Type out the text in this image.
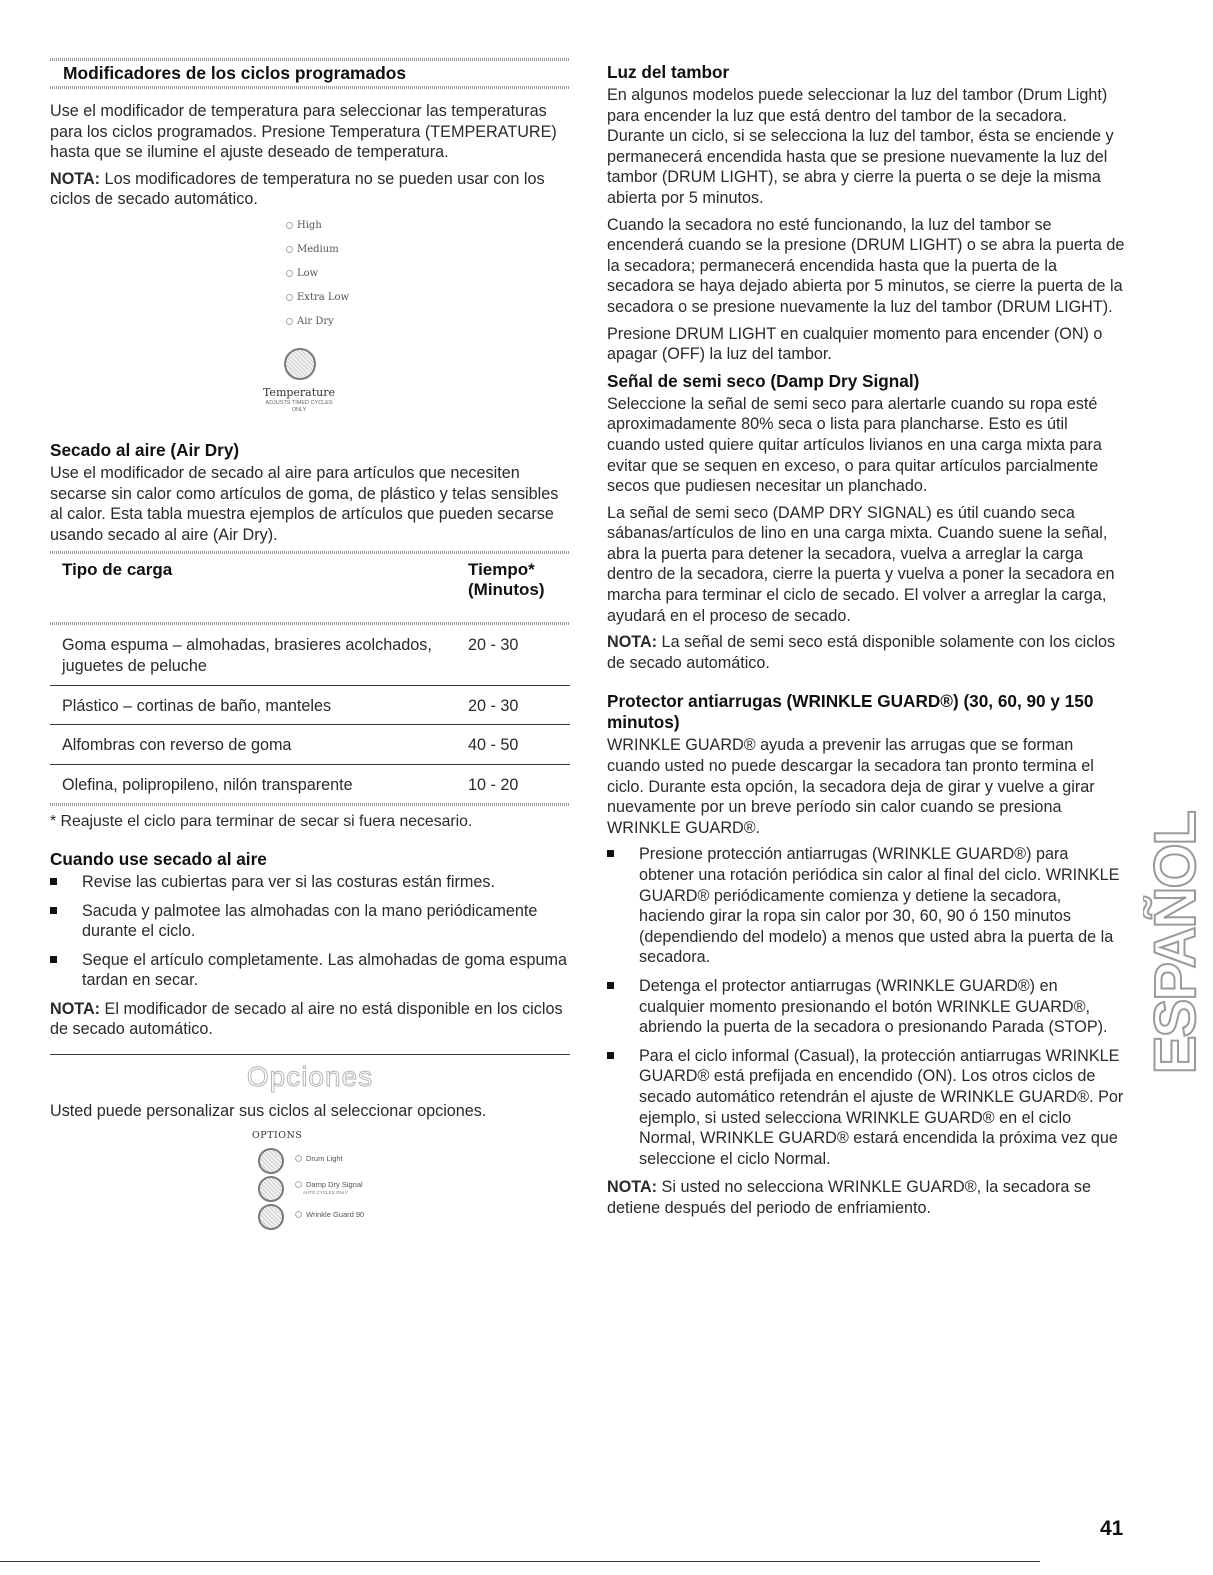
Modificadores de los ciclos programados

Use el modificador de temperatura para seleccionar las temperaturas para los ciclos programados. Presione Temperatura (TEMPERATURE) hasta que se ilumine el ajuste deseado de temperatura.

NOTA: Los modificadores de temperatura no se pueden usar con los ciclos de secado automático.

High
Medium
Low
Extra Low
Air Dry
Temperature
ADJUSTS TIMED CYCLES ONLY
Secado al aire (Air Dry)

Use el modificador de secado al aire para artículos que necesiten secarse sin calor como artículos de goma, de plástico y telas sensibles al calor. Esta tabla muestra ejemplos de artículos que pueden secarse usando secado al aire (Air Dry).

Tipo de carga	Tiempo* (Minutos)

Goma espuma – almohadas, brasieres acolchados, juguetes de peluche	20 - 30
Plástico – cortinas de baño, manteles	20 - 30
Alfombras con reverso de goma	40 - 50
Olefina, polipropileno, nilón transparente	10 - 20

* Reajuste el ciclo para terminar de secar si fuera necesario.

Cuando use secado al aire
Revise las cubiertas para ver si las costuras están firmes.
Sacuda y palmotee las almohadas con la mano periódicamente durante el ciclo.
Seque el artículo completamente. Las almohadas de goma espuma tardan en secar.

NOTA: El modificador de secado al aire no está disponible en los ciclos de secado automático.

Opciones

Usted puede personalizar sus ciclos al seleccionar opciones.

OPTIONS
Drum Light
Damp Dry Signal
AUTO CYCLES ONLY
Wrinkle Guard 90
Luz del tambor

En algunos modelos puede seleccionar la luz del tambor (Drum Light) para encender la luz que está dentro del tambor de la secadora. Durante un ciclo, si se selecciona la luz del tambor, ésta se enciende y permanecerá encendida hasta que se presione nuevamente la luz del tambor (DRUM LIGHT), se abra y cierre la puerta o se deje la misma abierta por 5 minutos.

Cuando la secadora no esté funcionando, la luz del tambor se encenderá cuando se la presione (DRUM LIGHT) o se abra la puerta de la secadora; permanecerá encendida hasta que la puerta de la secadora se haya dejado abierta por 5 minutos, se cierre la puerta de la secadora o se presione nuevamente la luz del tambor (DRUM LIGHT).

Presione DRUM LIGHT en cualquier momento para encender (ON) o apagar (OFF) la luz del tambor.

Señal de semi seco (Damp Dry Signal)

Seleccione la señal de semi seco para alertarle cuando su ropa esté aproximadamente 80% seca o lista para plancharse. Esto es útil cuando usted quiere quitar artículos livianos en una carga mixta para evitar que se sequen en exceso, o para quitar artículos parcialmente secos que pudiesen necesitar un planchado.

La señal de semi seco (DAMP DRY SIGNAL) es útil cuando seca sábanas/artículos de lino en una carga mixta. Cuando suene la señal, abra la puerta para detener la secadora, vuelva a arreglar la carga dentro de la secadora, cierre la puerta y vuelva a poner la secadora en marcha para terminar el ciclo de secado. El volver a arreglar la carga, ayudará en el proceso de secado.

NOTA: La señal de semi seco está disponible solamente con los ciclos de secado automático.

Protector antiarrugas (WRINKLE GUARD®) (30, 60, 90 y 150 minutos)

WRINKLE GUARD® ayuda a prevenir las arrugas que se forman cuando usted no puede descargar la secadora tan pronto termina el ciclo. Durante esta opción, la secadora deja de girar y vuelve a girar nuevamente por un breve período sin calor cuando se presiona WRINKLE GUARD®.

Presione protección antiarrugas (WRINKLE GUARD®) para obtener una rotación periódica sin calor al final del ciclo. WRINKLE GUARD® periódicamente comienza y detiene la secadora, haciendo girar la ropa sin calor por 30, 60, 90 ó 150 minutos (dependiendo del modelo) a menos que usted abra la puerta de la secadora.
Detenga el protector antiarrugas (WRINKLE GUARD®) en cualquier momento presionando el botón WRINKLE GUARD®, abriendo la puerta de la secadora o presionando Parada (STOP).
Para el ciclo informal (Casual), la protección antiarrugas WRINKLE GUARD® está prefijada en encendido (ON). Los otros ciclos de secado automático retendrán el ajuste de WRINKLE GUARD®. Por ejemplo, si usted selecciona WRINKLE GUARD® en el ciclo Normal, WRINKLE GUARD® estará encendida la próxima vez que seleccione el ciclo Normal.

NOTA: Si usted no selecciona WRINKLE GUARD®, la secadora se detiene después del periodo de enfriamiento.

ESPAÑOL
41
